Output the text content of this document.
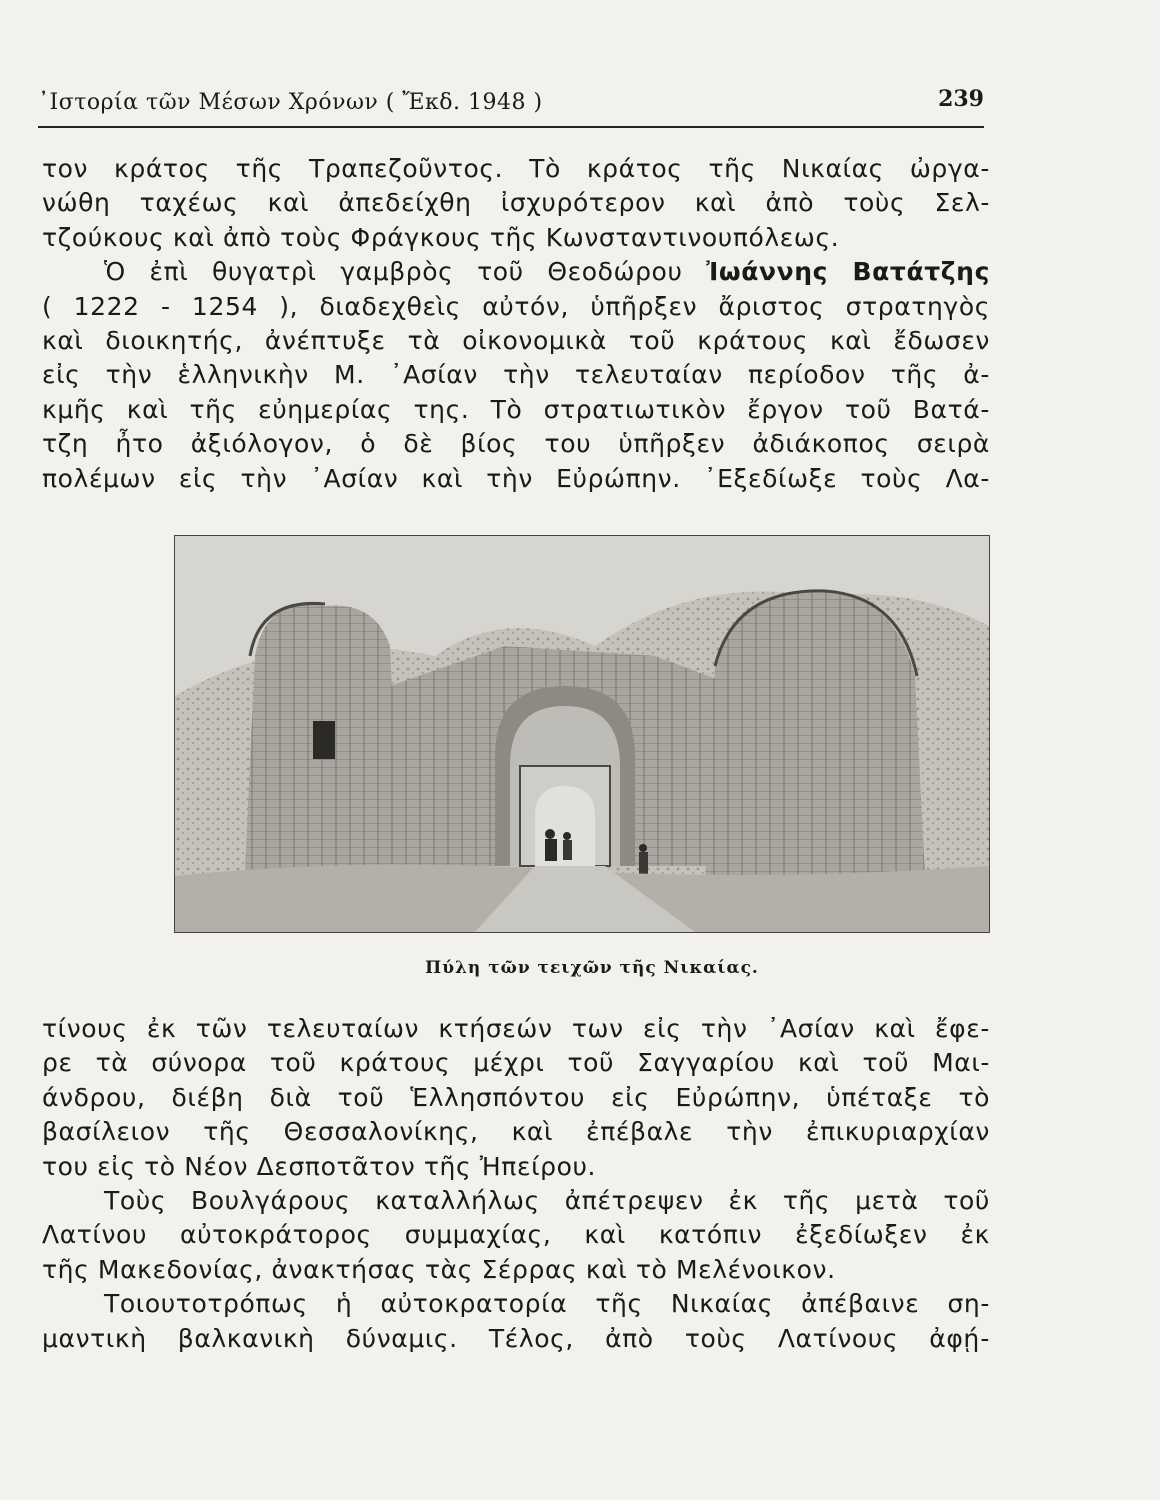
᾽Ιστορία τῶν Μέσων Χρόνων ( Ἔκδ. 1948 )	239
τον κράτος τῆς Τραπεζοῦντος. Τὸ κράτος τῆς Νικαίας ὠργα-
νώθη ταχέως καὶ ἀπεδείχθη ἰσχυρότερον καὶ ἀπὸ τοὺς Σελ-
τζούκους καὶ ἀπὸ τοὺς Φράγκους τῆς Κωνσταντινουπόλεως.
Ὁ ἐπὶ θυγατρὶ γαμβρὸς τοῦ Θεοδώρου Ἰωάννης Βατάτζης
( 1222 - 1254 ), διαδεχθεὶς αὐτόν, ὑπῆρξεν ἄριστος στρατηγὸς
καὶ διοικητής, ἀνέπτυξε τὰ οἰκονομικὰ τοῦ κράτους καὶ ἔδωσεν
εἰς τὴν ἑλληνικὴν Μ. ᾽Ασίαν τὴν τελευταίαν περίοδον τῆς ἀ-
κμῆς καὶ τῆς εὐημερίας της. Τὸ στρατιωτικὸν ἔργον τοῦ Βατά-
τζη ἦτο ἀξιόλογον, ὁ δὲ βίος του ὑπῆρξεν ἀδιάκοπος σειρὰ
πολέμων εἰς τὴν ᾽Ασίαν καὶ τὴν Εὐρώπην. ᾽Εξεδίωξε τοὺς Λα-
Πύλη τῶν τειχῶν τῆς Νικαίας.
τίνους ἐκ τῶν τελευταίων κτήσεών των εἰς τὴν ᾽Ασίαν καὶ ἔφε-
ρε τὰ σύνορα τοῦ κράτους μέχρι τοῦ Σαγγαρίου καὶ τοῦ Μαι-
άνδρου, διέβη διὰ τοῦ Ἑλλησπόντου εἰς Εὐρώπην, ὑπέταξε τὸ
βασίλειον τῆς Θεσσαλονίκης, καὶ ἐπέβαλε τὴν ἐπικυριαρχίαν
του εἰς τὸ Νέον Δεσποτᾶτον τῆς Ἠπείρου.
Τοὺς Βουλγάρους καταλλήλως ἀπέτρεψεν ἐκ τῆς μετὰ τοῦ
Λατίνου αὐτοκράτορος συμμαχίας, καὶ κατόπιν ἐξεδίωξεν ἐκ
τῆς Μακεδονίας, ἀνακτήσας τὰς Σέρρας καὶ τὸ Μελένοικον.
Τοιουτοτρόπως ἡ αὐτοκρατορία τῆς Νικαίας ἀπέβαινε ση-
μαντικὴ βαλκανικὴ δύναμις. Τέλος, ἀπὸ τοὺς Λατίνους ἀφῄ-
